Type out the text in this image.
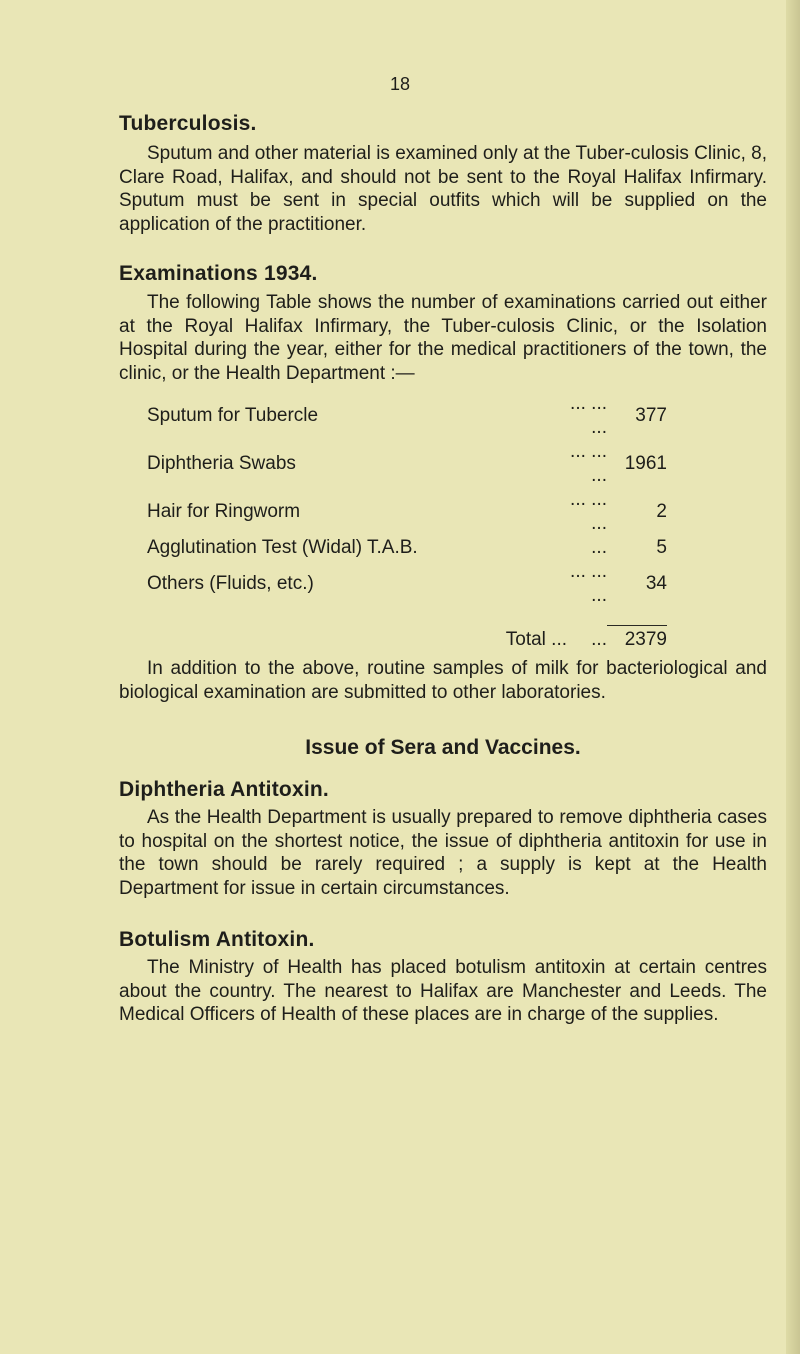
18
Tuberculosis.

Sputum and other material is examined only at the Tuber-culosis Clinic, 8, Clare Road, Halifax, and should not be sent to the Royal Halifax Infirmary. Sputum must be sent in special outfits which will be supplied on the application of the practitioner.

Examinations 1934.

The following Table shows the number of examinations carried out either at the Royal Halifax Infirmary, the Tuber-culosis Clinic, or the Isolation Hospital during the year, either for the medical practitioners of the town, the clinic, or the Health Department :—

Sputum for Tubercle	... ... ...	377
Diphtheria Swabs	... ... ...	1961
Hair for Ringworm	... ... ...	2
Agglutination Test (Widal) T.A.B.	...	5
Others (Fluids, etc.)	... ... ...	34

Total ...	...	2379

In addition to the above, routine samples of milk for bacteriological and biological examination are submitted to other laboratories.

Issue of Sera and Vaccines.
Diphtheria Antitoxin.

As the Health Department is usually prepared to remove diphtheria cases to hospital on the shortest notice, the issue of diphtheria antitoxin for use in the town should be rarely required ; a supply is kept at the Health Department for issue in certain circumstances.

Botulism Antitoxin.

The Ministry of Health has placed botulism antitoxin at certain centres about the country. The nearest to Halifax are Manchester and Leeds. The Medical Officers of Health of these places are in charge of the supplies.
